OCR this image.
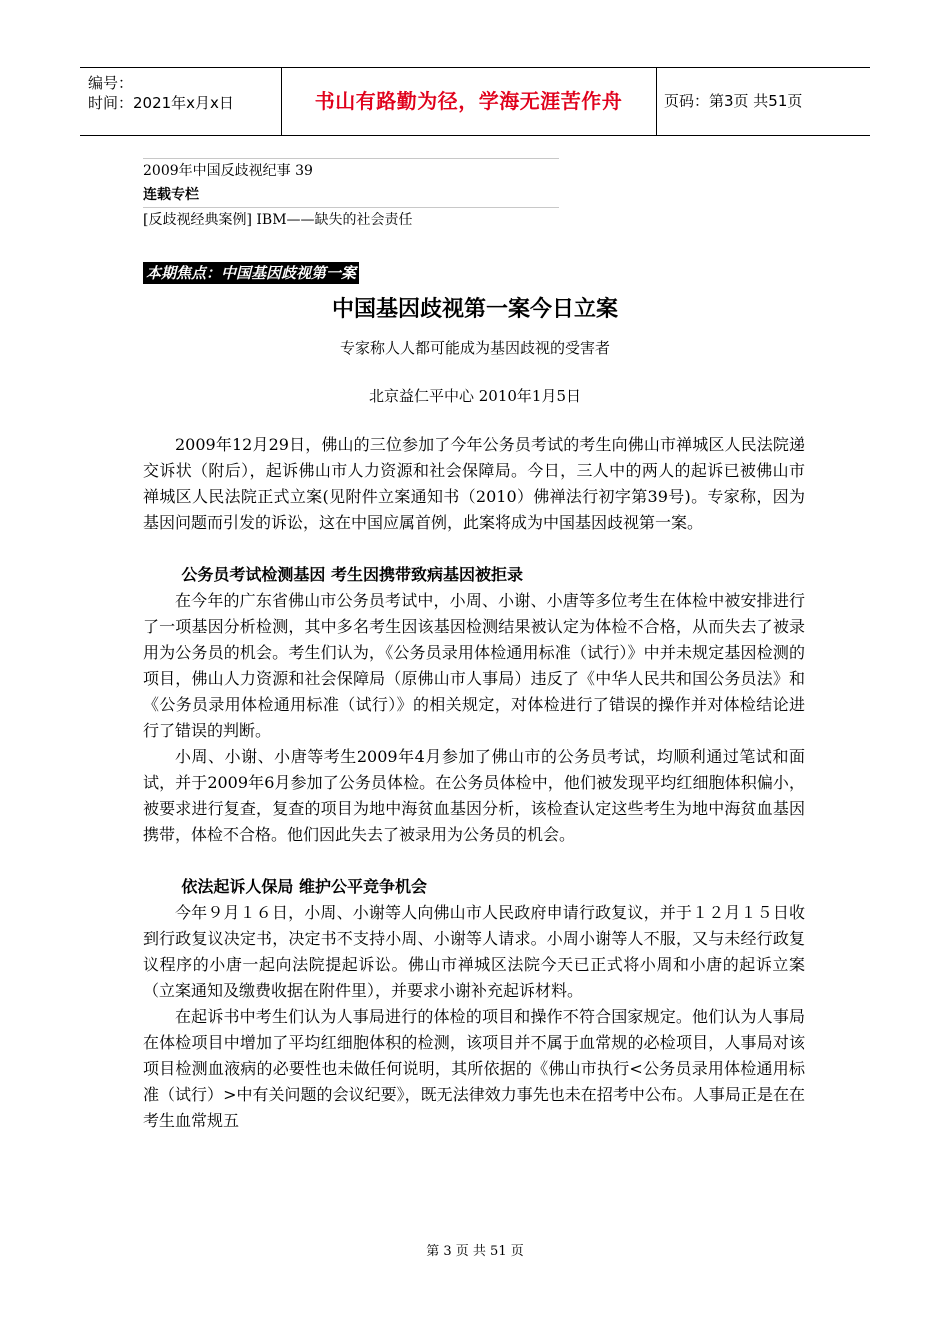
编号：
时间：2021年x月x日	书山有路勤为径，学海无涯苦作舟	页码：第3页 共51页
2009年中国反歧视纪事 39
连载专栏
[反歧视经典案例] IBM——缺失的社会责任
本期焦点：中国基因歧视第一案
中国基因歧视第一案今日立案
专家称人人都可能成为基因歧视的受害者
北京益仁平中心 2010年1月5日

2009年12月29日，佛山的三位参加了今年公务员考试的考生向佛山市禅城区人民法院递交诉状（附后），起诉佛山市人力资源和社会保障局。今日，三人中的两人的起诉已被佛山市禅城区人民法院正式立案(见附件立案通知书（2010）佛禅法行初字第39号)。专家称，因为基因问题而引发的诉讼，这在中国应属首例，此案将成为中国基因歧视第一案。

公务员考试检测基因 考生因携带致病基因被拒录

在今年的广东省佛山市公务员考试中，小周、小谢、小唐等多位考生在体检中被安排进行了一项基因分析检测，其中多名考生因该基因检测结果被认定为体检不合格，从而失去了被录用为公务员的机会。考生们认为，《公务员录用体检通用标准（试行）》中并未规定基因检测的项目，佛山人力资源和社会保障局（原佛山市人事局）违反了《中华人民共和国公务员法》和《公务员录用体检通用标准（试行）》的相关规定，对体检进行了错误的操作并对体检结论进行了错误的判断。

小周、小谢、小唐等考生2009年4月参加了佛山市的公务员考试，均顺利通过笔试和面试，并于2009年6月参加了公务员体检。在公务员体检中，他们被发现平均红细胞体积偏小，被要求进行复查，复查的项目为地中海贫血基因分析，该检查认定这些考生为地中海贫血基因携带，体检不合格。他们因此失去了被录用为公务员的机会。

依法起诉人保局 维护公平竞争机会

今年９月１６日，小周、小谢等人向佛山市人民政府申请行政复议，并于１２月１５日收到行政复议决定书，决定书不支持小周、小谢等人请求。小周小谢等人不服，又与未经行政复议程序的小唐一起向法院提起诉讼。佛山市禅城区法院今天已正式将小周和小唐的起诉立案（立案通知及缴费收据在附件里），并要求小谢补充起诉材料。

在起诉书中考生们认为人事局进行的体检的项目和操作不符合国家规定。他们认为人事局在体检项目中增加了平均红细胞体积的检测，该项目并不属于血常规的必检项目，人事局对该项目检测血液病的必要性也未做任何说明，其所依据的《佛山市执行<公务员录用体检通用标准（试行）>中有关问题的会议纪要》，既无法律效力事先也未在招考中公布。人事局正是在在考生血常规五

第 3 页 共 51 页
